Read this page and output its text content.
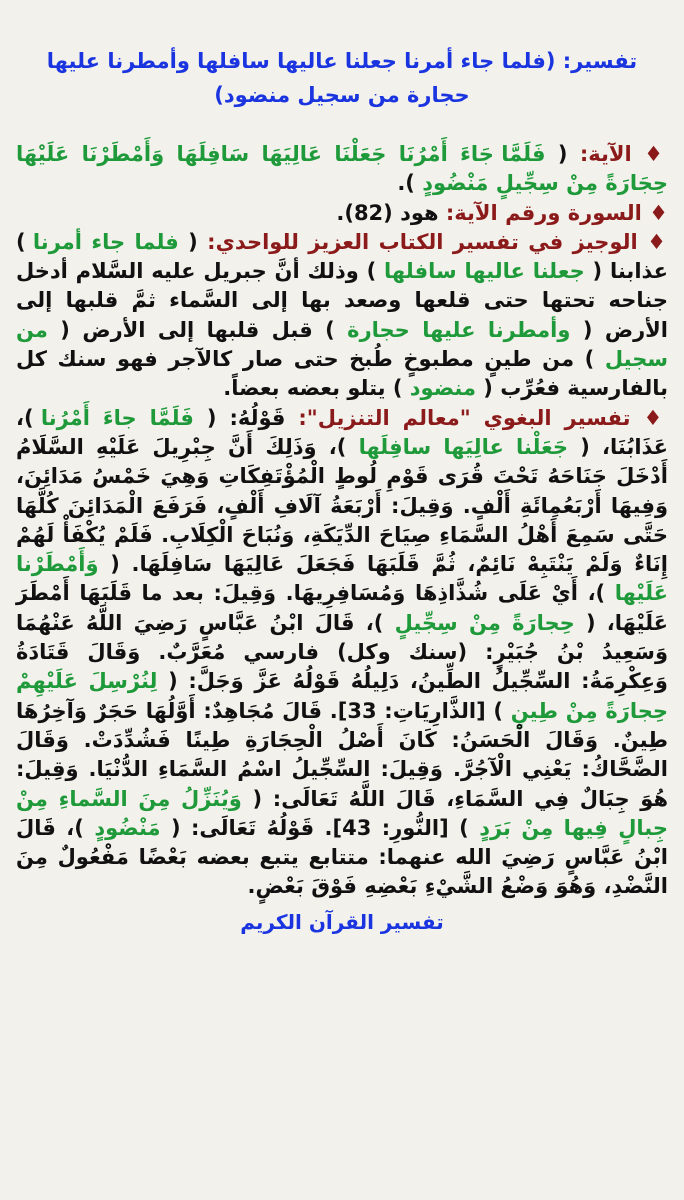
تفسير: (فلما جاء أمرنا جعلنا عاليها سافلها وأمطرنا عليها
حجارة من سجيل منضود)

♦ الآية: ( فَلَمَّا جَاءَ أَمْرُنَا جَعَلْنَا عَالِيَهَا سَافِلَهَا وَأَمْطَرْنَا عَلَيْهَا حِجَارَةً مِنْ سِجِّيلٍ مَنْضُودٍ ).

♦ السورة ورقم الآية: هود (82).

♦ الوجيز في تفسير الكتاب العزيز للواحدي: ( فلما جاء أمرنا ) عذابنا ( جعلنا عاليها سافلها ) وذلك أنَّ جبريل عليه السَّلام أدخل جناحه تحتها حتى قلعها وصعد بها إلى السَّماء ثمَّ قلبها إلى الأرض ( وأمطرنا عليها حجارة ) قبل قلبها إلى الأرض ( من سجيل ) من طينٍ مطبوخٍ طُبخ حتى صار كالآجر فهو سنك كل بالفارسية فعُرِّب ( منضود ) يتلو بعضه بعضاً.

♦ تفسير البغوي "معالم التنزيل": قَوْلُهُ: ( فَلَمَّا جاءَ أَمْرُنا )، عَذَابُنَا، ( جَعَلْنا عالِيَها سافِلَها )، وَذَلِكَ أَنَّ جِبْرِيلَ عَلَيْهِ السَّلَامُ أَدْخَلَ جَنَاحَهُ تَحْتَ قُرَى قَوْمِ لُوطٍ الْمُؤْتَفِكَاتِ وَهِيَ خَمْسُ مَدَائِنَ، وَفِيهَا أَرْبَعُمِائَةِ أَلْفٍ. وَقِيلَ: أَرْبَعَةُ آلَافِ أَلْفٍ، فَرَفَعَ الْمَدَائِنَ كُلَّهَا حَتَّى سَمِعَ أَهْلُ السَّمَاءِ صِيَاحَ الدِّيَكَةِ، وَنُبَاحَ الْكِلَابِ. فَلَمْ يُكْفَأْ لَهُمْ إِنَاءٌ وَلَمْ يَنْتَبِهْ نَائِمٌ، ثُمَّ قَلَبَهَا فَجَعَلَ عَالِيَهَا سَافِلَهَا. ( وَأَمْطَرْنا عَلَيْها )، أَيْ عَلَى شُذَّاذِهَا وَمُسَافِرِيهَا. وَقِيلَ: بعد ما قَلَبَهَا أَمْطَرَ عَلَيْهَا، ( حِجارَةً مِنْ سِجِّيلٍ )، قَالَ ابْنُ عَبَّاسٍ رَضِيَ اللَّهُ عَنْهُمَا وَسَعِيدُ بْنُ جُبَيْرٍ: (سنك وكل) فارسي مُعَرَّبٌ. وَقَالَ قَتَادَةُ وَعِكْرِمَةُ: السِّجِّيلُ الطِّينُ، دَلِيلُهُ قَوْلُهُ عَزَّ وَجَلَّ: ( لِنُرْسِلَ عَلَيْهِمْ حِجارَةً مِنْ طِينٍ ) [الذَّارِيَاتِ: 33]. قَالَ مُجَاهِدٌ: أَوَّلُهَا حَجَرٌ وَآخِرُهَا طِينٌ. وَقَالَ الْحَسَنُ: كَانَ أَصْلُ الْحِجَارَةِ طِينًا فَشُدِّدَتْ. وَقَالَ الضَّحَّاكُ: يَعْنِي الْآجُرَّ. وَقِيلَ: السِّجِّيلُ اسْمُ السَّمَاءِ الدُّنْيَا. وَقِيلَ: هُوَ جِبَالٌ فِي السَّمَاءِ، قَالَ اللَّهُ تَعَالَى: ( وَيُنَزِّلُ مِنَ السَّماءِ مِنْ جِبالٍ فِيها مِنْ بَرَدٍ ) [النُّورِ: 43]. قَوْلُهُ تَعَالَى: ( مَنْضُودٍ )، قَالَ ابْنُ عَبَّاسٍ رَضِيَ الله عنهما: متتابع يتبع بعضه بَعْضًا مَفْعُولٌ مِنَ النَّضْدِ، وَهُوَ وَضْعُ الشَّيْءِ بَعْضِهِ فَوْقَ بَعْضٍ.

تفسير القرآن الكريم
